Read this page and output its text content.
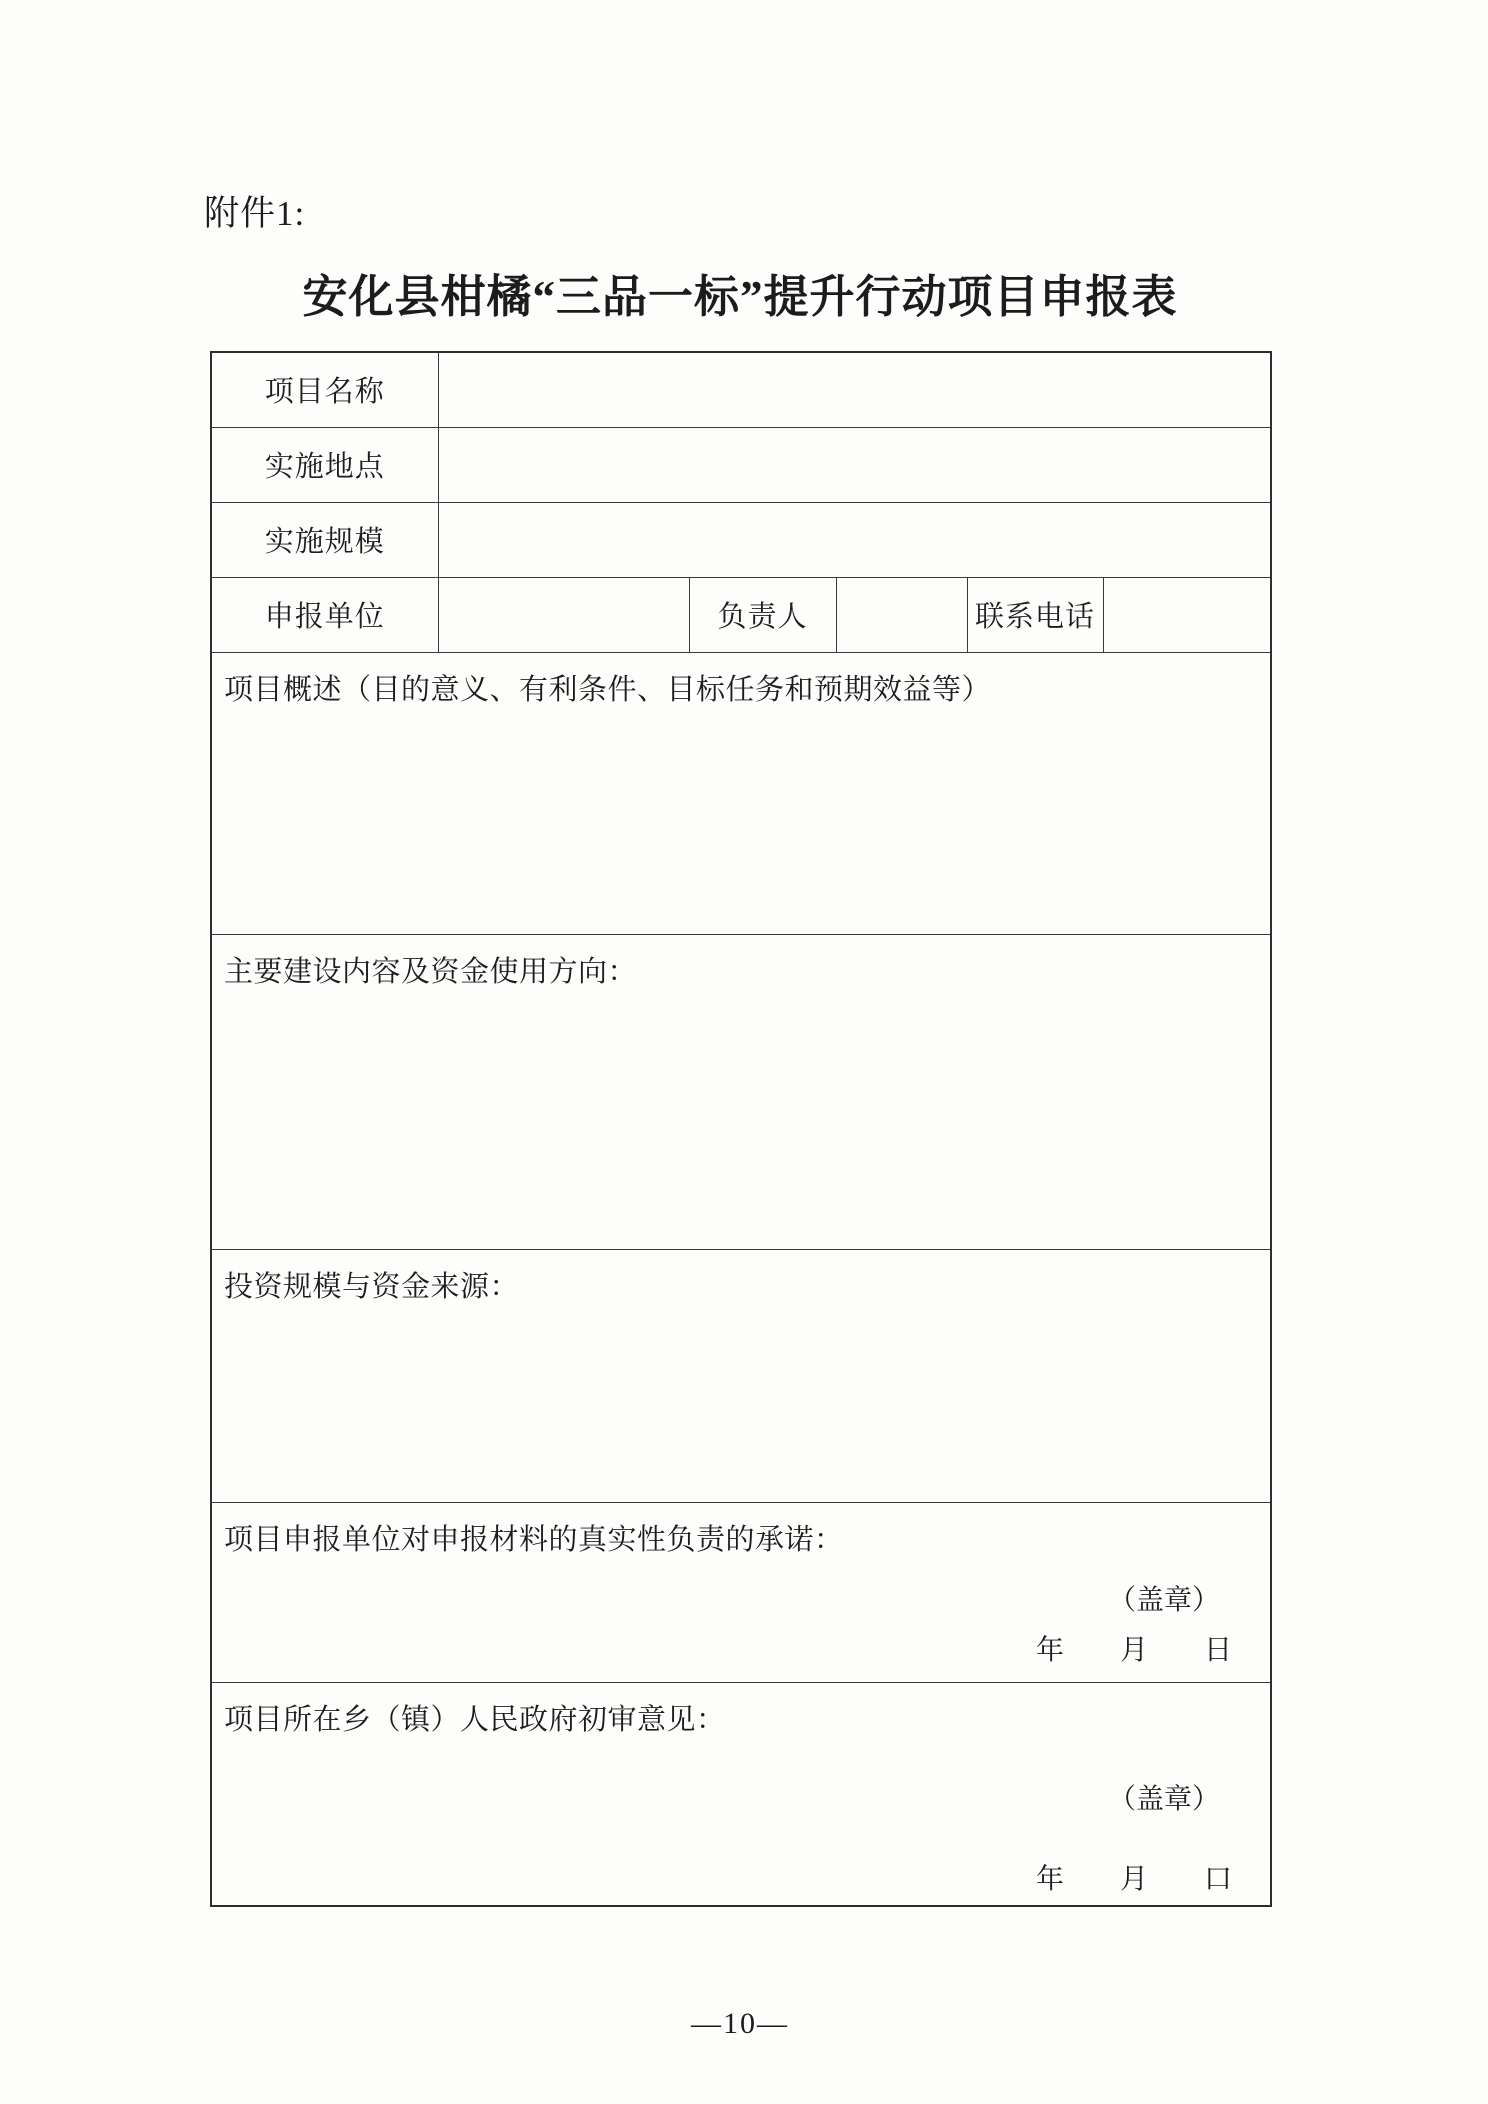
附件1:
安化县柑橘“三品一标”提升行动项目申报表
项目名称					
实施地点					
实施规模					
申报单位		负责人		联系电话	

项目概述（目的意义、有利条件、目标任务和预期效益等）					

主要建设内容及资金使用方向：					

投资规模与资金来源：					

项目申报单位对申报材料的真实性负责的承诺：
（盖章）
年　　月　　日					

项目所在乡（镇）人民政府初审意见：
（盖章）
年　　月　　口					
—10—
